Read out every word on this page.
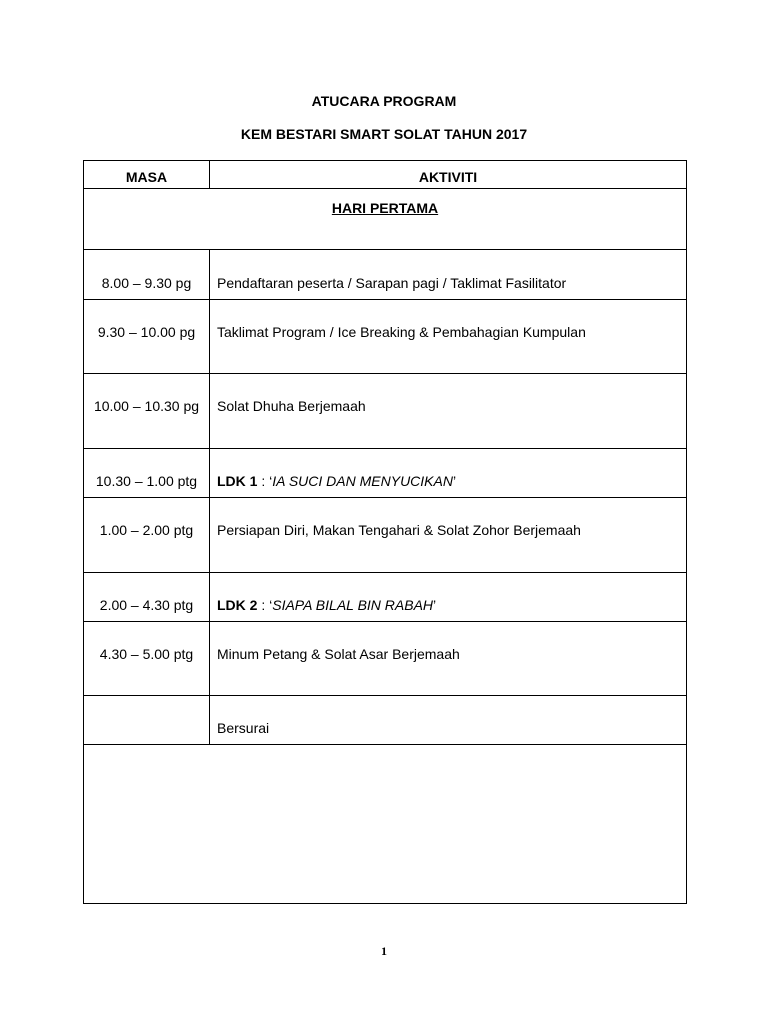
ATUCARA PROGRAM
KEM BESTARI SMART SOLAT TAHUN 2017
MASA	AKTIVITI
HARI PERTAMA	
8.00 – 9.30 pg	Pendaftaran peserta / Sarapan pagi / Taklimat Fasilitator
9.30 – 10.00 pg	Taklimat Program / Ice Breaking & Pembahagian Kumpulan
10.00 – 10.30 pg	Solat Dhuha Berjemaah
10.30 – 1.00 ptg	LDK 1 : ‘IA SUCI DAN MENYUCIKAN’
1.00 – 2.00 ptg	Persiapan Diri, Makan Tengahari & Solat Zohor Berjemaah
2.00 – 4.30 ptg	LDK 2 : ‘SIAPA BILAL BIN RABAH’
4.30 – 5.00 ptg	Minum Petang & Solat Asar Berjemaah
	Bersurai

1
